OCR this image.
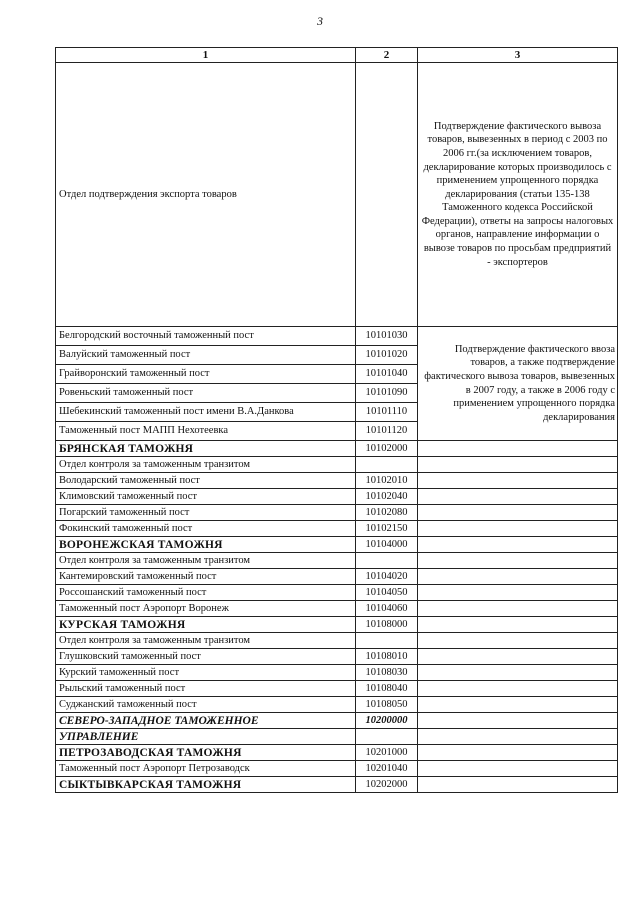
3
1	2	3
Отдел подтверждения экспорта товаров		Подтверждение фактического вывоза товаров, вывезенных в период с 2003 по 2006 гг.(за исключением товаров, декларирование которых производилось с применением упрощенного порядка декларирования (статьи 135-138 Таможенного кодекса Российской Федерации), ответы на запросы налоговых органов, направление информации о вывозе товаров по просьбам предприятий - экспортеров
Белгородский восточный таможенный пост	10101030	Подтверждение фактического ввоза товаров, а также подтверждение фактического вывоза товаров, вывезенных в 2007 году, а также в 2006 году с применением упрощенного порядка декларирования
Валуйский таможенный пост	10101020	
Грайворонский таможенный пост	10101040	
Ровеньский таможенный пост	10101090	
Шебекинский таможенный пост имени В.А.Данкова	10101110	
Таможенный пост МАПП Нехотеевка	10101120	
БРЯНСКАЯ ТАМОЖНЯ	10102000	
Отдел контроля за таможенным транзитом		
Володарский таможенный пост	10102010	
Климовский таможенный пост	10102040	
Погарский таможенный пост	10102080	
Фокинский таможенный пост	10102150	
ВОРОНЕЖСКАЯ ТАМОЖНЯ	10104000	
Отдел контроля за таможенным транзитом		
Кантемировский таможенный пост	10104020	
Россошанский таможенный пост	10104050	
Таможенный пост Аэропорт Воронеж	10104060	
КУРСКАЯ ТАМОЖНЯ	10108000	
Отдел контроля за таможенным транзитом		
Глушковский таможенный пост	10108010	
Курский таможенный пост	10108030	
Рыльский таможенный пост	10108040	
Суджанский таможенный пост	10108050	
СЕВЕРО-ЗАПАДНОЕ ТАМОЖЕННОЕ	10200000	
УПРАВЛЕНИЕ		
ПЕТРОЗАВОДСКАЯ ТАМОЖНЯ	10201000	
Таможенный пост Аэропорт Петрозаводск	10201040	
СЫКТЫВКАРСКАЯ ТАМОЖНЯ	10202000	
